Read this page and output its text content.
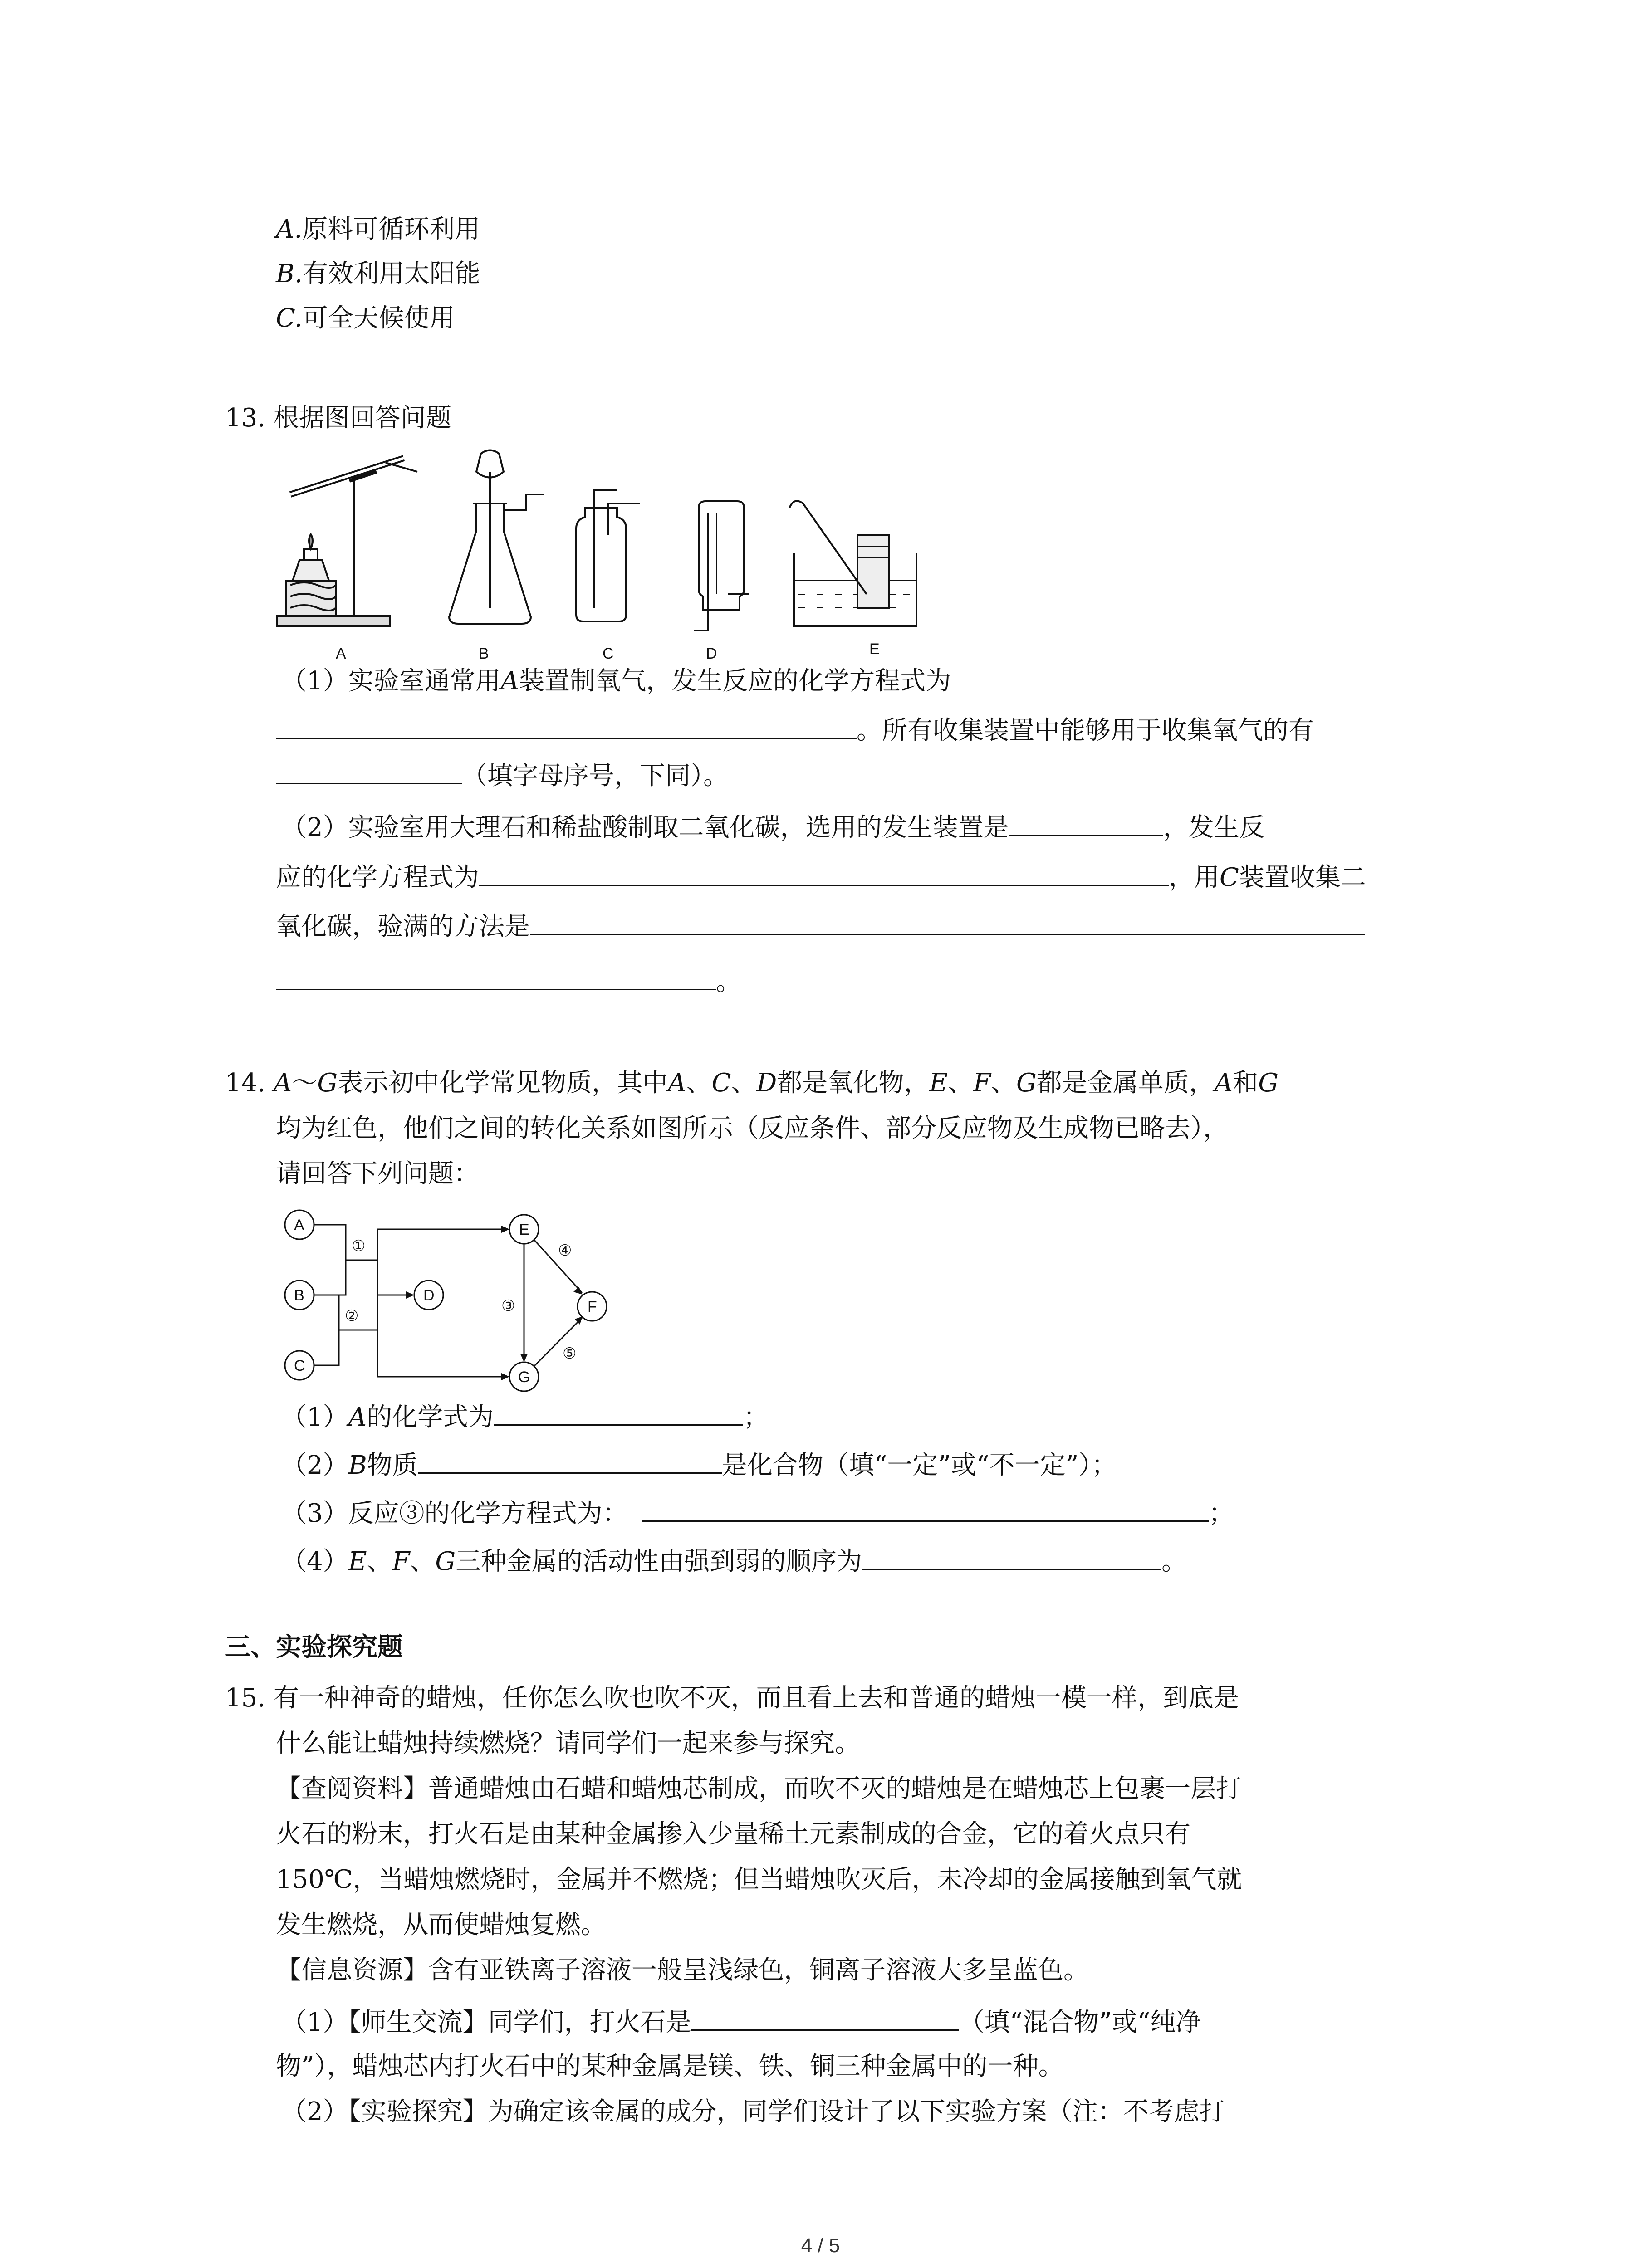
A.原料可循环利用
B.有效利用太阳能
C.可全天候使用
13. 根据图回答问题
A	B	C	D	E
（1）实验室通常用A装置制氧气，发生反应的化学方程式为
。所有收集装置中能够用于收集氧气的有
（填字母序号，下同）。
（2）实验室用大理石和稀盐酸制取二氧化碳，选用的发生装置是	，发生反
应的化学方程式为	，用C装置收集二
氧化碳，验满的方法是
。
14. A～G表示初中化学常见物质，其中A、C、D都是氧化物，E、F、G都是金属单质，A和G
均为红色，他们之间的转化关系如图所示（反应条件、部分反应物及生成物已略去），
请回答下列问题：
A
B
C
D
E
F
G
①
②
③
④
⑤
（1）A的化学式为	；
（2）B物质	是化合物（填“一定”或“不一定”）；
（3）反应③的化学方程式为：	；
（4）E、F、G三种金属的活动性由强到弱的顺序为	。
三、实验探究题
15. 有一种神奇的蜡烛，任你怎么吹也吹不灭，而且看上去和普通的蜡烛一模一样，到底是
什么能让蜡烛持续燃烧？请同学们一起来参与探究。
【查阅资料】普通蜡烛由石蜡和蜡烛芯制成，而吹不灭的蜡烛是在蜡烛芯上包裹一层打
火石的粉末，打火石是由某种金属掺入少量稀土元素制成的合金，它的着火点只有
150℃，当蜡烛燃烧时，金属并不燃烧；但当蜡烛吹灭后，未冷却的金属接触到氧气就
发生燃烧，从而使蜡烛复燃。
【信息资源】含有亚铁离子溶液一般呈浅绿色，铜离子溶液大多呈蓝色。
（1）【师生交流】同学们，打火石是	（填“混合物”或“纯净
物”），蜡烛芯内打火石中的某种金属是镁、铁、铜三种金属中的一种。
（2）【实验探究】为确定该金属的成分，同学们设计了以下实验方案（注：不考虑打
4 / 5
